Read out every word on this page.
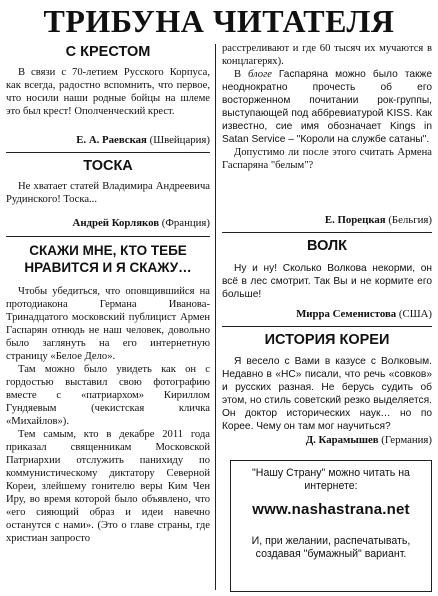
ТРИБУНА ЧИТАТЕЛЯ
С КРЕСТОМ

В связи с 70-летием Русского Корпуса, как всегда, радостно вспомнить, что первое, что носили наши родные бойцы на шлеме это был крест! Ополченческий крест.

Е. А. Раевская (Швейцария)
ТОСКА

Не хватает статей Владимира Андреевича Рудинского! Тоска...

Андрей Корляков (Франция)
СКАЖИ МНЕ, КТО ТЕБЕ НРАВИТСЯ И Я СКАЖУ…

Чтобы убедиться, что оповщившийся на протодиакона Германа Иванова-Тринадцатого московский публицист Армен Гаспарян отнюдь не наш человек, довольно было заглянуть на его интернетную страницу «Белое Дело».

Там можно было увидеть как он с гордостью выставил свою фотографию вместе с «патриархом» Кириллом Гундяевым (чекистская кличка «Михайлов»).

Тем самым, кто в декабре 2011 года приказал священникам Московской Патриархии отслужить панихиду по коммунистическому диктатору Северной Кореи, злейшему гонителю веры Ким Чен Иру, во время которой было объявлено, что «его сияющий образ и идеи навечно останутся с нами». (Это о главе страны, где христиан запросто

расстреливают и где 60 тысяч их мучаются в концлагерях).

В блоге Гаспаряна можно было также неоднократно прочесть об его восторженном почитании рок-группы, выступающей под аббревиатурой KISS. Как известно, сие имя обозначает Kings in Satan Service – "Короли на службе сатаны".

Допустимо ли после этого считать Армена Гаспаряна "белым"?

Е. Порецкая (Бельгия)
ВОЛК

Ну и ну! Сколько Волкова некорми, он всё в лес смотрит. Так Вы и не кормите его больше!

Мирра Семенистова (США)
ИСТОРИЯ КОРЕИ

Я весело с Вами в казусе с Волковым. Недавно в «НС» писали, что речь «совков» и русских разная. Не берусь судить об этом, но стиль советский резко выделяется. Он доктор исторических наук… но по Корее. Чему он там мог научиться?

Д. Карамышев (Германия)
"Нашу Страну" можно читать на интернете:
www.nashastrana.net
И, при желании, распечатывать, создавая "бумажный" вариант.
